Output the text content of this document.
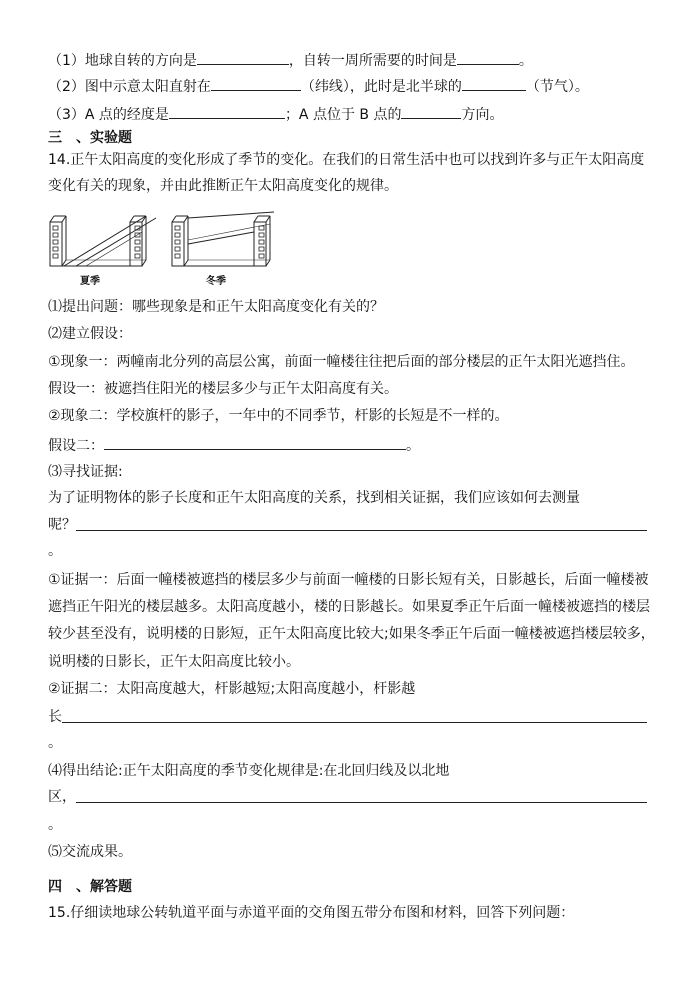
（1）地球自转的方向是	，自转一周所需要的时间是	。
（2）图中示意太阳直射在	（纬线），此时是北半球的	（节气）。
（3）A 点的经度是	；A 点位于 B 点的	方向。
三　、实验题
14.正午太阳高度的变化形成了季节的变化。在我们的日常生活中也可以找到许多与正午太阳高度
变化有关的现象，并由此推断正午太阳高度变化的规律。
夏季	冬季
⑴提出问题：哪些现象是和正午太阳高度变化有关的？
⑵建立假设：
①现象一：两幢南北分列的高层公寓，前面一幢楼往往把后面的部分楼层的正午太阳光遮挡住。
假设一：被遮挡住阳光的楼层多少与正午太阳高度有关。
②现象二：学校旗杆的影子，一年中的不同季节，杆影的长短是不一样的。
假设二：	。
⑶寻找证据:
为了证明物体的影子长度和正午太阳高度的关系，找到相关证据，我们应该如何去测量
呢？
。
①证据一：后面一幢楼被遮挡的楼层多少与前面一幢楼的日影长短有关，日影越长，后面一幢楼被
遮挡正午阳光的楼层越多。太阳高度越小，楼的日影越长。如果夏季正午后面一幢楼被遮挡的楼层
较少甚至没有，说明楼的日影短，正午太阳高度比较大;如果冬季正午后面一幢楼被遮挡楼层较多，
说明楼的日影长，正午太阳高度比较小。
②证据二：太阳高度越大，杆影越短;太阳高度越小，杆影越
长
。
⑷得出结论:正午太阳高度的季节变化规律是:在北回归线及以北地
区，
。
⑸交流成果。
四　、解答题
15.仔细读地球公转轨道平面与赤道平面的交角图五带分布图和材料，回答下列问题：
